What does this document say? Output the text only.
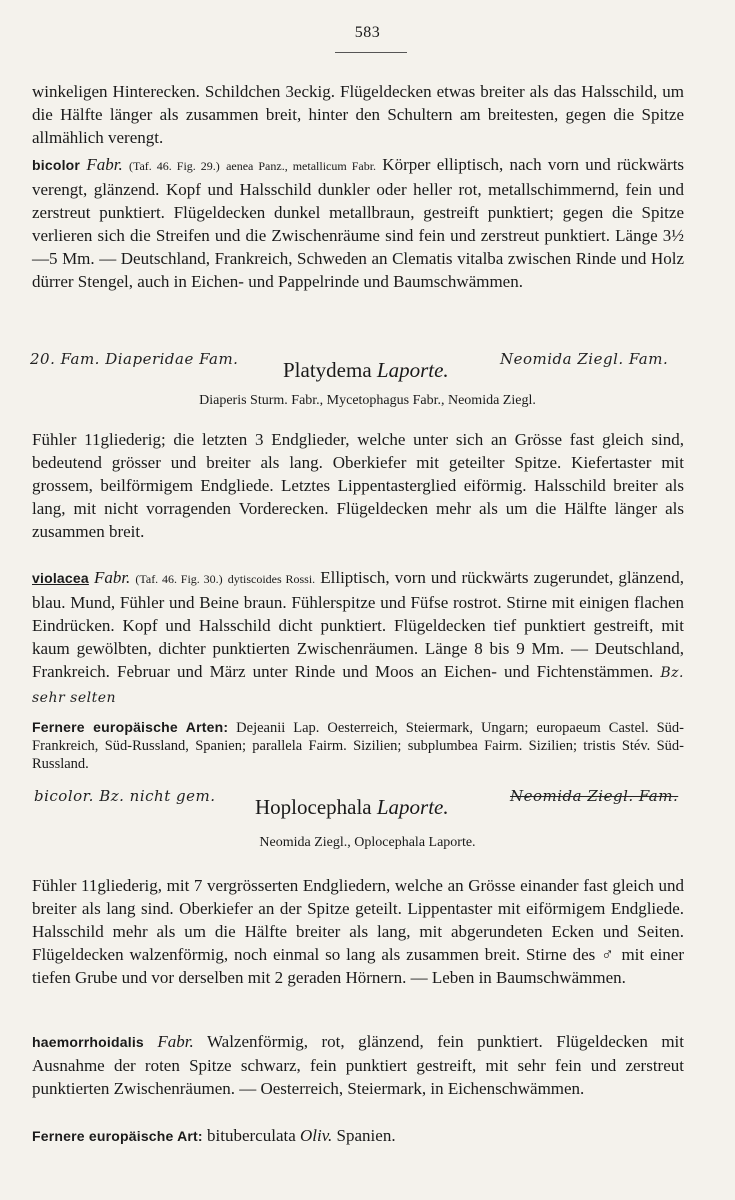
583
winkeligen Hinterecken. Schildchen 3eckig. Flügeldecken etwas breiter als das Halsschild, um die Hälfte länger als zusammen breit, hinter den Schultern am breitesten, gegen die Spitze allmählich verengt.
bicolor Fabr. (Taf. 46. Fig. 29.) aenea Panz., metallicum Fabr. Körper elliptisch, nach vorn und rückwärts verengt, glänzend. Kopf und Halsschild dunkler oder heller rot, metallschimmernd, fein und zerstreut punktiert. Flügeldecken dunkel metallbraun, gestreift punktiert; gegen die Spitze verlieren sich die Streifen und die Zwischenräume sind fein und zerstreut punktiert. Länge 3½—5 Mm. — Deutschland, Frankreich, Schweden an Clematis vitalba zwischen Rinde und Holz dürrer Stengel, auch in Eichen- und Pappelrinde und Baumschwämmen.
20. Fam. Diaperidae Fam. Platydema Laporte.	Neomida Ziegl. Fam.
Diaperis Sturm. Fabr., Mycetophagus Fabr., Neomida Ziegl.
Fühler 11gliederig; die letzten 3 Endglieder, welche unter sich an Grösse fast gleich sind, bedeutend grösser und breiter als lang. Oberkiefer mit geteilter Spitze. Kiefertaster mit grossem, beilförmigem Endgliede. Letztes Lippentasterglied eiförmig. Halsschild breiter als lang, mit nicht vorragenden Vorderecken. Flügeldecken mehr als um die Hälfte länger als zusammen breit.
violacea Fabr. (Taf. 46. Fig. 30.) dytiscoides Rossi. Elliptisch, vorn und rückwärts zugerundet, glänzend, blau. Mund, Fühler und Beine braun. Fühlerspitze und Füfse rostrot. Stirne mit einigen flachen Eindrücken. Kopf und Halsschild dicht punktiert. Flügeldecken tief punktiert gestreift, mit kaum gewölbten, dichter punktierten Zwischenräumen. Länge 8 bis 9 Mm. — Deutschland, Frankreich. Februar und März unter Rinde und Moos an Eichen- und Fichtenstämmen. Bz. sehr selten
Fernere europäische Arten: Dejeanii Lap. Oesterreich, Steiermark, Ungarn; europaeum Castel. Süd-Frankreich, Süd-Russland, Spanien; parallela Fairm. Sizilien; subplumbea Fairm. Sizilien; tristis Stév. Süd-Russland.
bicolor. Bz. nicht gem. Hoplocephala Laporte.	Neomida Ziegl. Fam.
Neomida Ziegl., Oplocephala Laporte.
Fühler 11gliederig, mit 7 vergrösserten Endgliedern, welche an Grösse einander fast gleich und breiter als lang sind. Oberkiefer an der Spitze geteilt. Lippentaster mit eiförmigem Endgliede. Halsschild mehr als um die Hälfte breiter als lang, mit abgerundeten Ecken und Seiten. Flügeldecken walzenförmig, noch einmal so lang als zusammen breit. Stirne des ♂ mit einer tiefen Grube und vor derselben mit 2 geraden Hörnern. — Leben in Baumschwämmen.
haemorrhoidalis Fabr. Walzenförmig, rot, glänzend, fein punktiert. Flügeldecken mit Ausnahme der roten Spitze schwarz, fein punktiert gestreift, mit sehr fein und zerstreut punktierten Zwischenräumen. — Oesterreich, Steiermark, in Eichenschwämmen.
Fernere europäische Art: bituberculata Oliv. Spanien.
